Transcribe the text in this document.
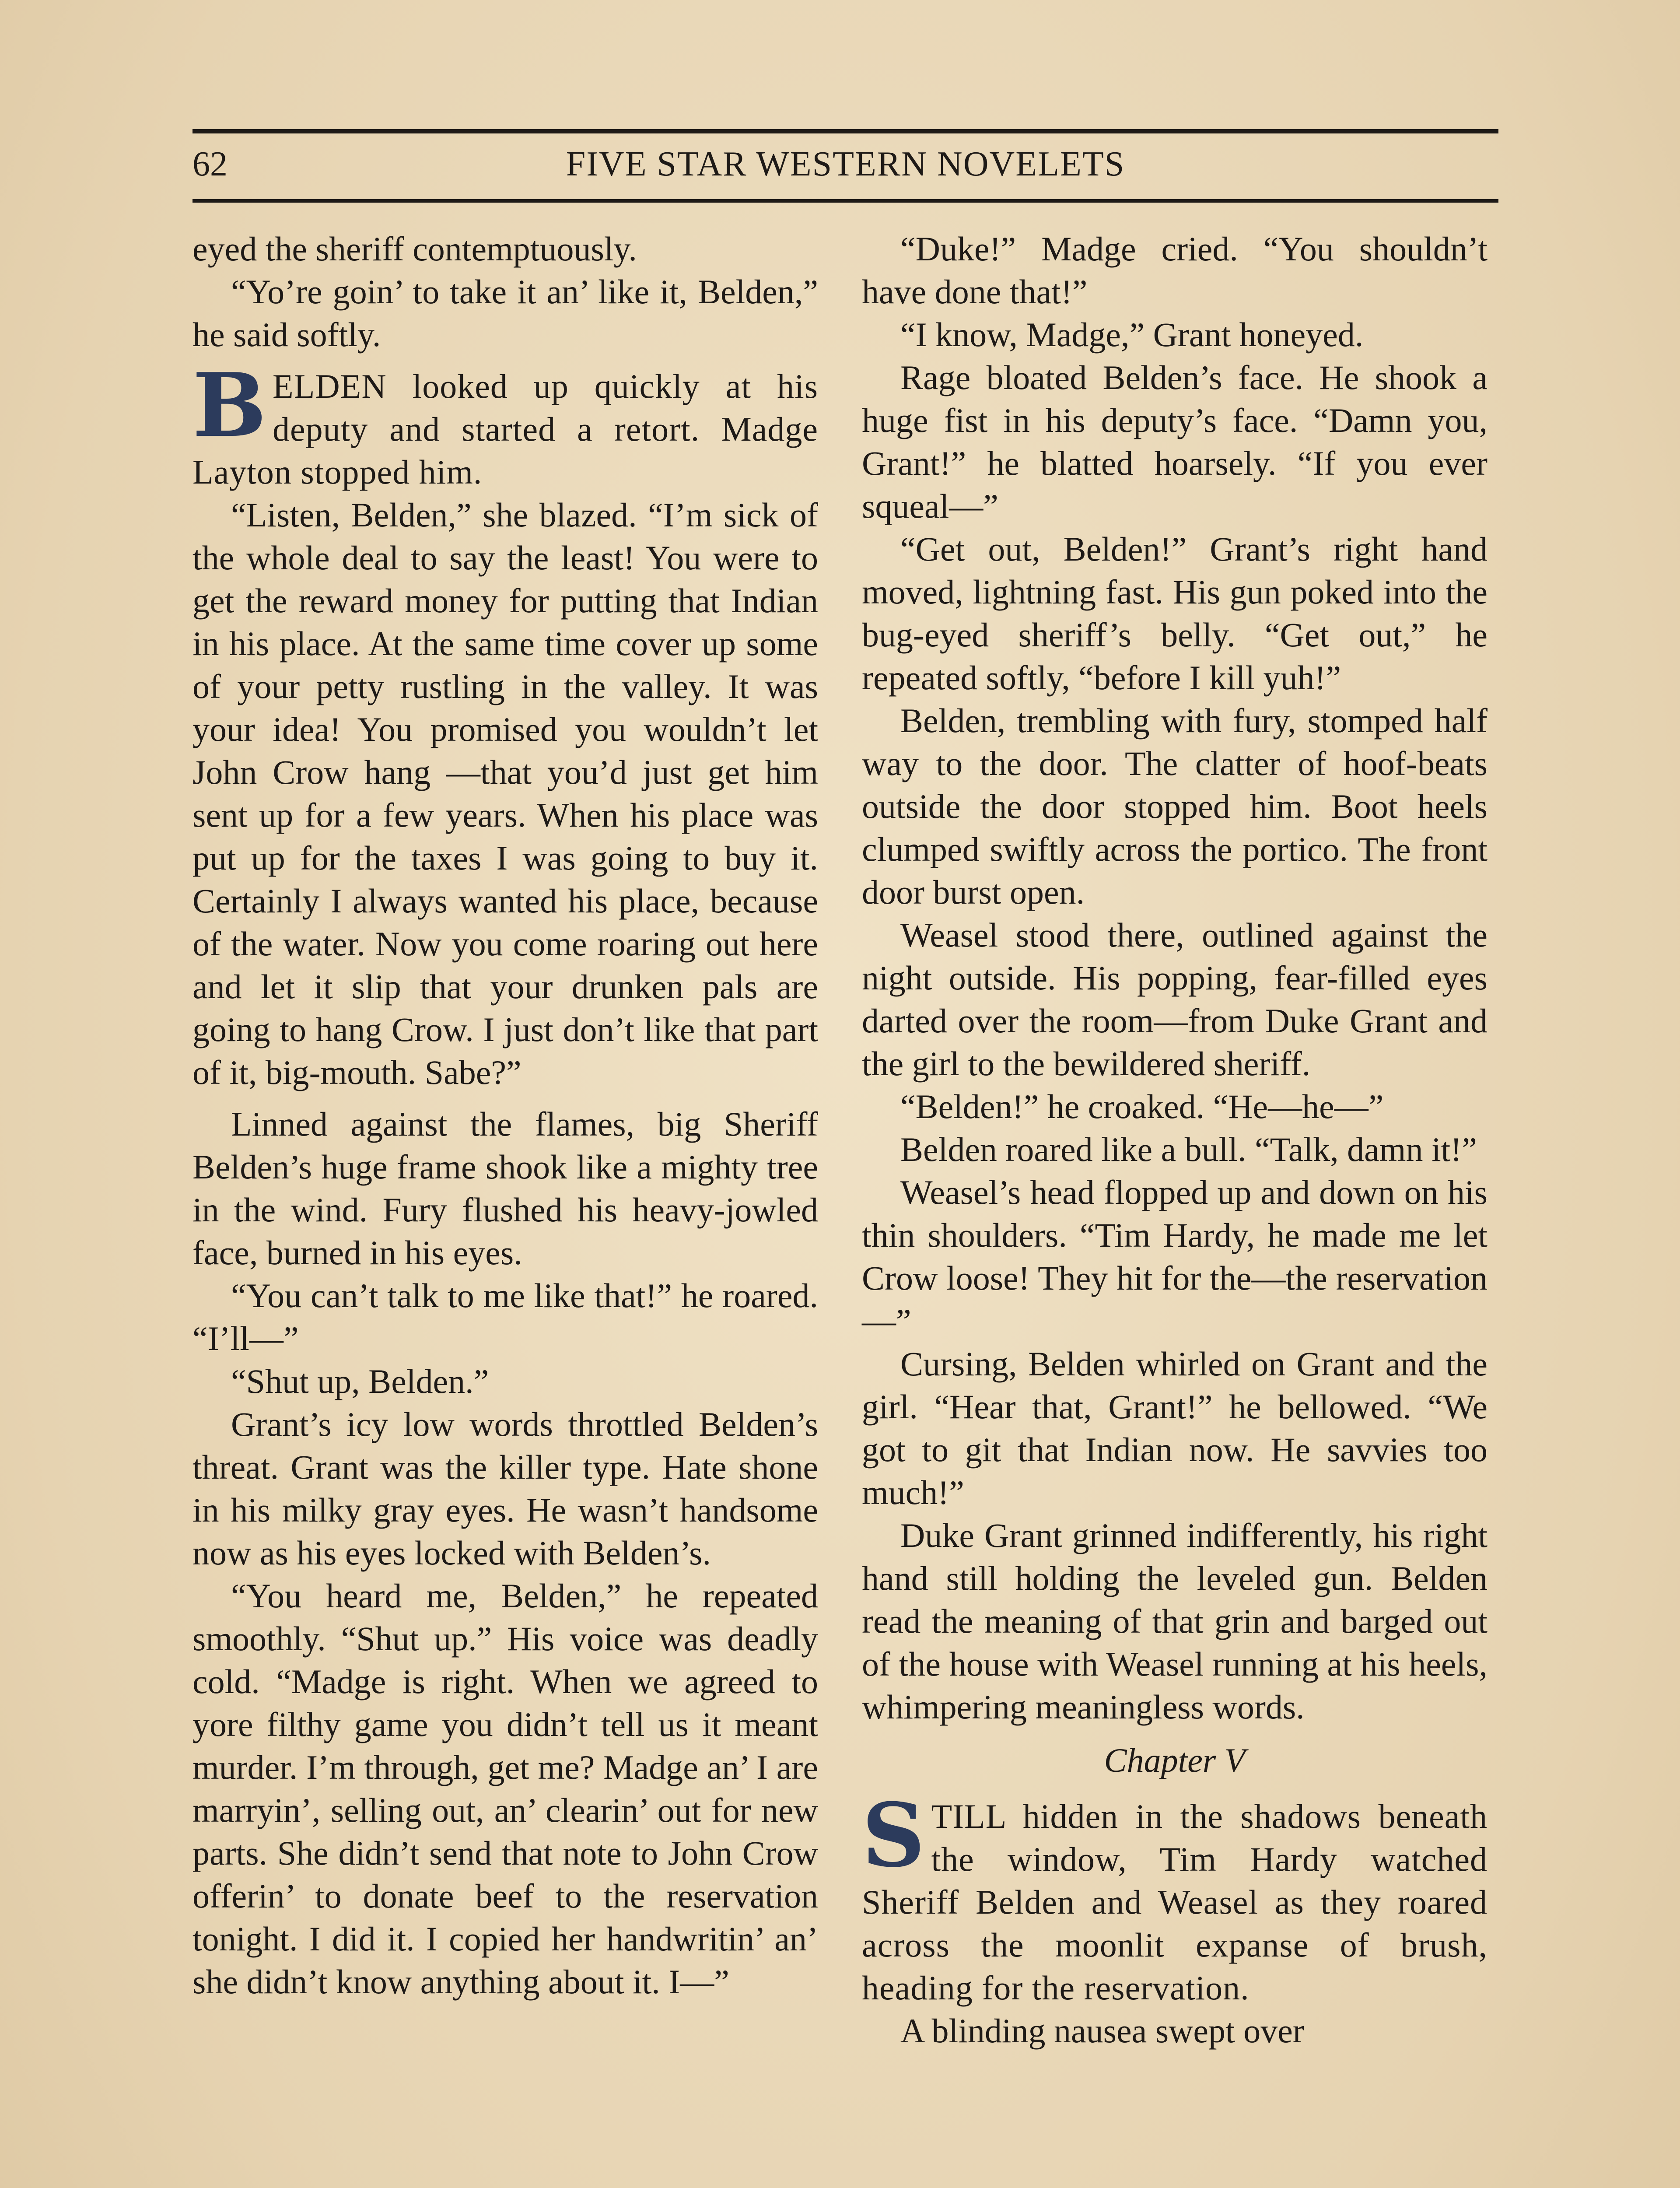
62	FIVE STAR WESTERN NOVELETS

eyed the sheriff contemptuously.

“Yo’re goin’ to take it an’ like it, Belden,” he said softly.

BELDEN looked up quickly at his deputy and started a retort. Madge Layton stopped him.

“Listen, Belden,” she blazed. “I’m sick of the whole deal to say the least! You were to get the reward money for putting that Indian in his place. At the same time cover up some of your petty rustling in the valley. It was your idea! You promised you wouldn’t let John Crow hang —that you’d just get him sent up for a few years. When his place was put up for the taxes I was going to buy it. Certainly I always wanted his place, because of the water. Now you come roaring out here and let it slip that your drunken pals are going to hang Crow. I just don’t like that part of it, big-mouth. Sabe?”

Linned against the flames, big Sheriff Belden’s huge frame shook like a mighty tree in the wind. Fury flushed his heavy-jowled face, burned in his eyes.

“You can’t talk to me like that!” he roared. “I’ll—”

“Shut up, Belden.”

Grant’s icy low words throttled Belden’s threat. Grant was the killer type. Hate shone in his milky gray eyes. He wasn’t handsome now as his eyes locked with Belden’s.

“You heard me, Belden,” he repeated smoothly. “Shut up.” His voice was deadly cold. “Madge is right. When we agreed to yore filthy game you didn’t tell us it meant murder. I’m through, get me? Madge an’ I are marryin’, selling out, an’ clearin’ out for new parts. She didn’t send that note to John Crow offerin’ to donate beef to the reservation tonight. I did it. I copied her handwritin’ an’ she didn’t know anything about it. I—”

“Duke!” Madge cried. “You shouldn’t have done that!”

“I know, Madge,” Grant honeyed.

Rage bloated Belden’s face. He shook a huge fist in his deputy’s face. “Damn you, Grant!” he blatted hoarsely. “If you ever squeal—”

“Get out, Belden!” Grant’s right hand moved, lightning fast. His gun poked into the bug-eyed sheriff’s belly. “Get out,” he repeated softly, “before I kill yuh!”

Belden, trembling with fury, stomped half way to the door. The clatter of hoof-beats outside the door stopped him. Boot heels clumped swiftly across the portico. The front door burst open.

Weasel stood there, outlined against the night outside. His popping, fear-filled eyes darted over the room—from Duke Grant and the girl to the bewildered sheriff.

“Belden!” he croaked. “He—he—”

Belden roared like a bull. “Talk, damn it!”

Weasel’s head flopped up and down on his thin shoulders. “Tim Hardy, he made me let Crow loose! They hit for the—the reservation—”

Cursing, Belden whirled on Grant and the girl. “Hear that, Grant!” he bellowed. “We got to git that Indian now. He savvies too much!”

Duke Grant grinned indifferently, his right hand still holding the leveled gun. Belden read the meaning of that grin and barged out of the house with Weasel running at his heels, whimpering meaningless words.

Chapter V

STILL hidden in the shadows beneath the window, Tim Hardy watched Sheriff Belden and Weasel as they roared across the moonlit expanse of brush, heading for the reservation.

A blinding nausea swept over
